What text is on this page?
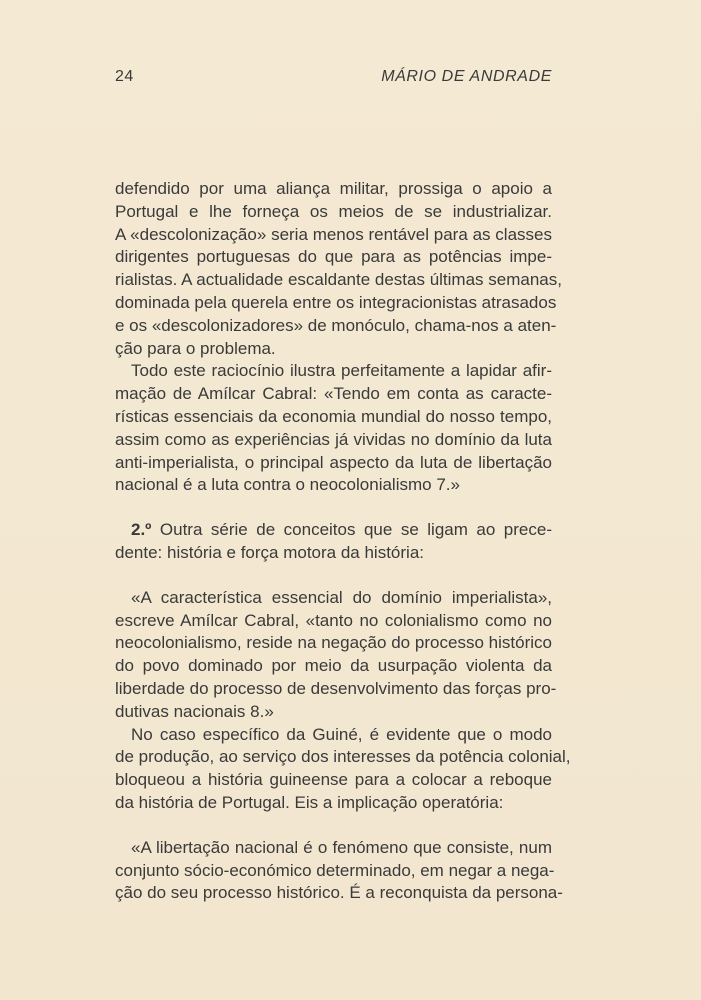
24	MÁRIO DE ANDRADE
defendido por uma aliança militar, prossiga o apoio a
Portugal e lhe forneça os meios de se industrializar.
A «descolonização» seria menos rentável para as classes
dirigentes portuguesas do que para as potências impe-
rialistas. A actualidade escaldante destas últimas semanas,
dominada pela querela entre os integracionistas atrasados
e os «descolonizadores» de monóculo, chama-nos a aten-
ção para o problema.
Todo este raciocínio ilustra perfeitamente a lapidar afir-
mação de Amílcar Cabral: «Tendo em conta as caracte-
rísticas essenciais da economia mundial do nosso tempo,
assim como as experiências já vividas no domínio da luta
anti-imperialista, o principal aspecto da luta de libertação
nacional é a luta contra o neocolonialismo 7.»
2.º Outra série de conceitos que se ligam ao prece-
dente: história e força motora da história:
«A característica essencial do domínio imperialista»,
escreve Amílcar Cabral, «tanto no colonialismo como no
neocolonialismo, reside na negação do processo histórico
do povo dominado por meio da usurpação violenta da
liberdade do processo de desenvolvimento das forças pro-
dutivas nacionais 8.»
No caso específico da Guiné, é evidente que o modo
de produção, ao serviço dos interesses da potência colonial,
bloqueou a história guineense para a colocar a reboque
da história de Portugal. Eis a implicação operatória:
«A libertação nacional é o fenómeno que consiste, num
conjunto sócio-económico determinado, em negar a nega-
ção do seu processo histórico. É a reconquista da persona-
